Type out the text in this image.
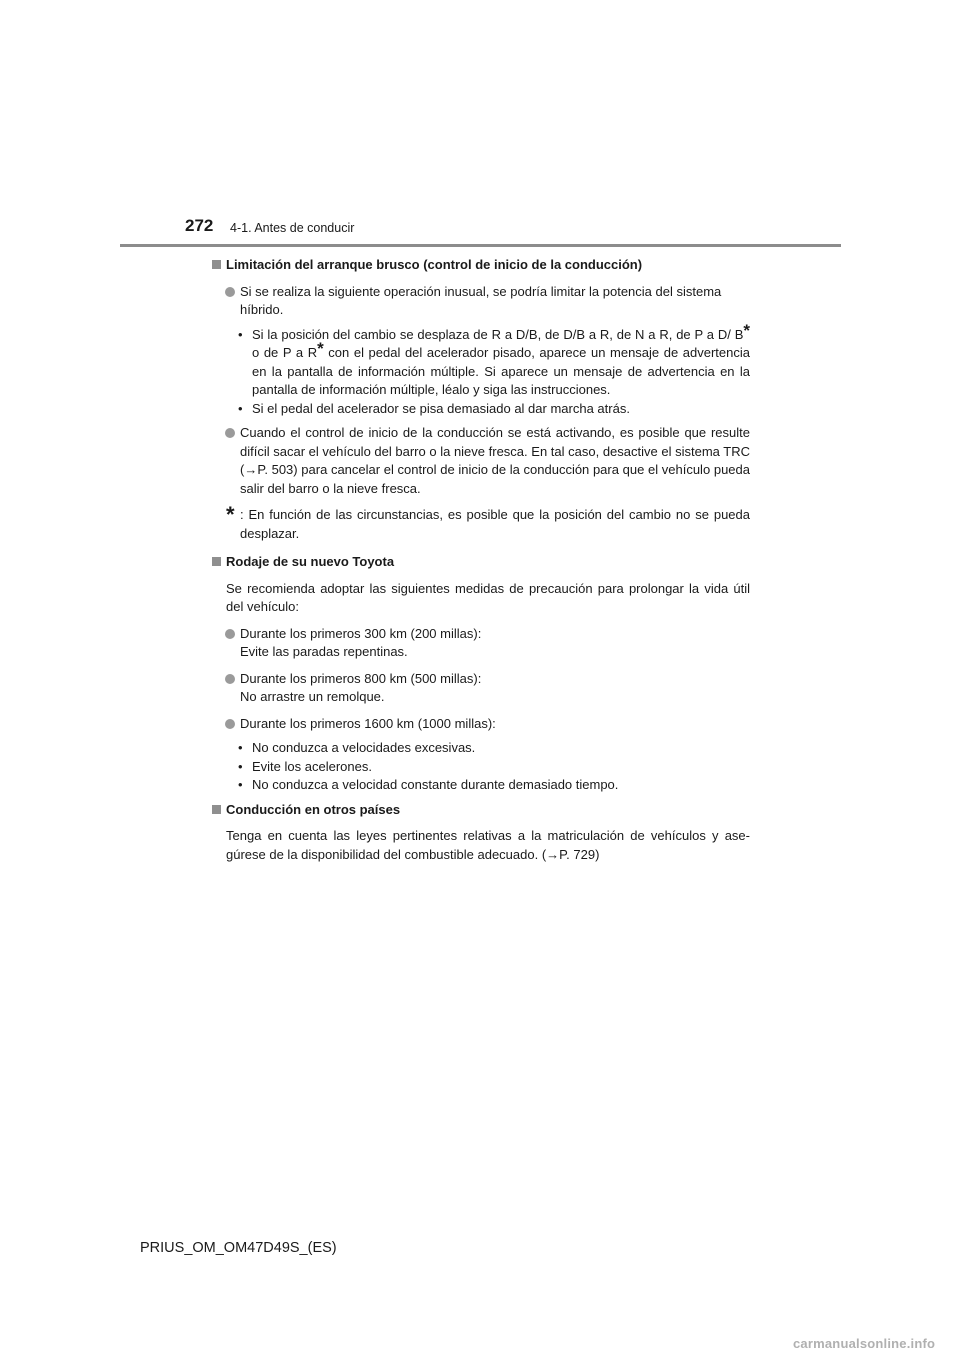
272 4-1. Antes de conducir
Limitación del arranque brusco (control de inicio de la conducción)
Si se realiza la siguiente operación inusual, se podría limitar la potencia del sistema
híbrido.
• Si la posición del cambio se desplaza de R a D/B, de D/B a R, de N a R, de P a D/ B* o de P a R* con el pedal del acelerador pisado, aparece un mensaje de advertencia en la pantalla de información múltiple. Si aparece un mensaje de advertencia en la pantalla de información múltiple, léalo y siga las instrucciones.
• Si el pedal del acelerador se pisa demasiado al dar marcha atrás.
Cuando el control de inicio de la conducción se está activando, es posible que resulte difícil sacar el vehículo del barro o la nieve fresca. En tal caso, desactive el sistema TRC (→P. 503) para cancelar el control de inicio de la conducción para que el vehículo pueda salir del barro o la nieve fresca.
* : En función de las circunstancias, es posible que la posición del cambio no se pueda desplazar.
Rodaje de su nuevo Toyota
Se recomienda adoptar las siguientes medidas de precaución para prolongar la vida útil del vehículo:
Durante los primeros 300 km (200 millas):
Evite las paradas repentinas.
Durante los primeros 800 km (500 millas):
No arrastre un remolque.
Durante los primeros 1600 km (1000 millas):
• No conduzca a velocidades excesivas.
• Evite los acelerones.
• No conduzca a velocidad constante durante demasiado tiempo.
Conducción en otros países
Tenga en cuenta las leyes pertinentes relativas a la matriculación de vehículos y ase- gúrese de la disponibilidad del combustible adecuado. (→P. 729)
PRIUS_OM_OM47D49S_(ES)
carmanualsonline.info
